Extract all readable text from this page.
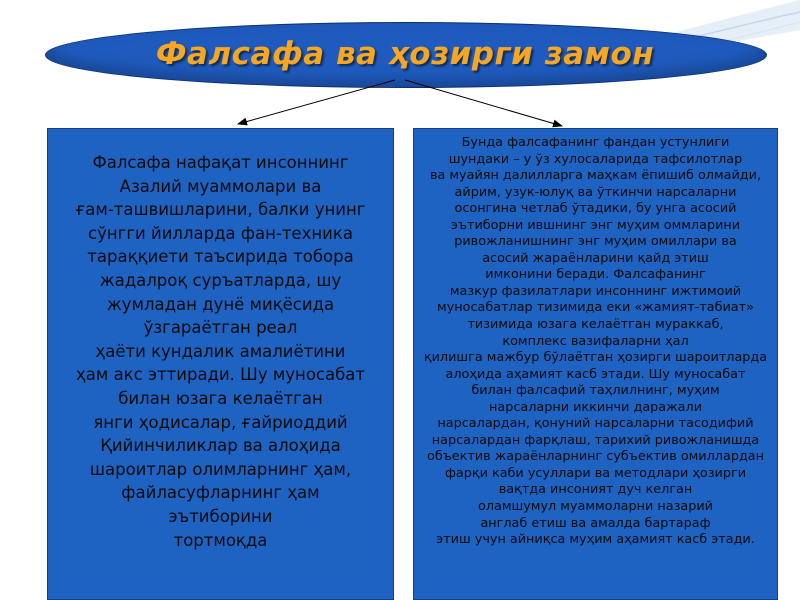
Фалсафа ва ҳозирги замон
Фалсафа нафақат инсоннинг
Азалий муаммолари ва
ғам-ташвишларини, балки унинг
сўнгги йилларда фан-техника
тараққиети таъсирида тобора
жадалроқ суръатларда, шу
жумладан дунё миқёсида
ўзгараётган реал
ҳаёти кундалик амалиётини
ҳам акс эттиради. Шу муносабат
билан юзага келаётган
янги ҳодисалар, ғайриоддий
Қийинчиликлар ва алоҳида
шароитлар олимларнинг ҳам,
файласуфларнинг ҳам
эътиборини
тортмоқда
Бунда фалсафанинг фандан устунлиги
шундаки – у ўз хулосаларида тафсилотлар
ва муайян далилларга маҳкам ёпишиб олмайди,
айрим, узук-юлуқ ва ўткинчи нарсаларни
осонгина четлаб ўтадики, бу унга асосий
эътиборни ившнинг энг муҳим оммларини
ривожланишнинг энг муҳим омиллари ва
асосий жараёнларини қайд этиш
имконини беради. Фалсафанинг
мазкур фазилатлари инсоннинг ижтимоий
муносабатлар тизимида еки «жамият-табиат»
тизимида юзага келаётган мураккаб,
комплекс вазифаларни ҳал
қилишга мажбур бўлаётган ҳозирги шароитларда
алоҳида аҳамият касб этади. Шу муносабат
билан фалсафий таҳлилнинг, муҳим
нарсаларни иккинчи даражали
нарсалардан, қонуний нарсаларни тасодифий
нарсалардан фарқлаш, тарихий ривожланишда
объектив жараёнларнинг субъектив омиллардан
фарқи каби усуллари ва методлари ҳозирги
вақтда инсоният дуч келган
оламшумул муаммоларни назарий
англаб етиш ва амалда бартараф
этиш учун айниқса муҳим аҳамият касб этади.
